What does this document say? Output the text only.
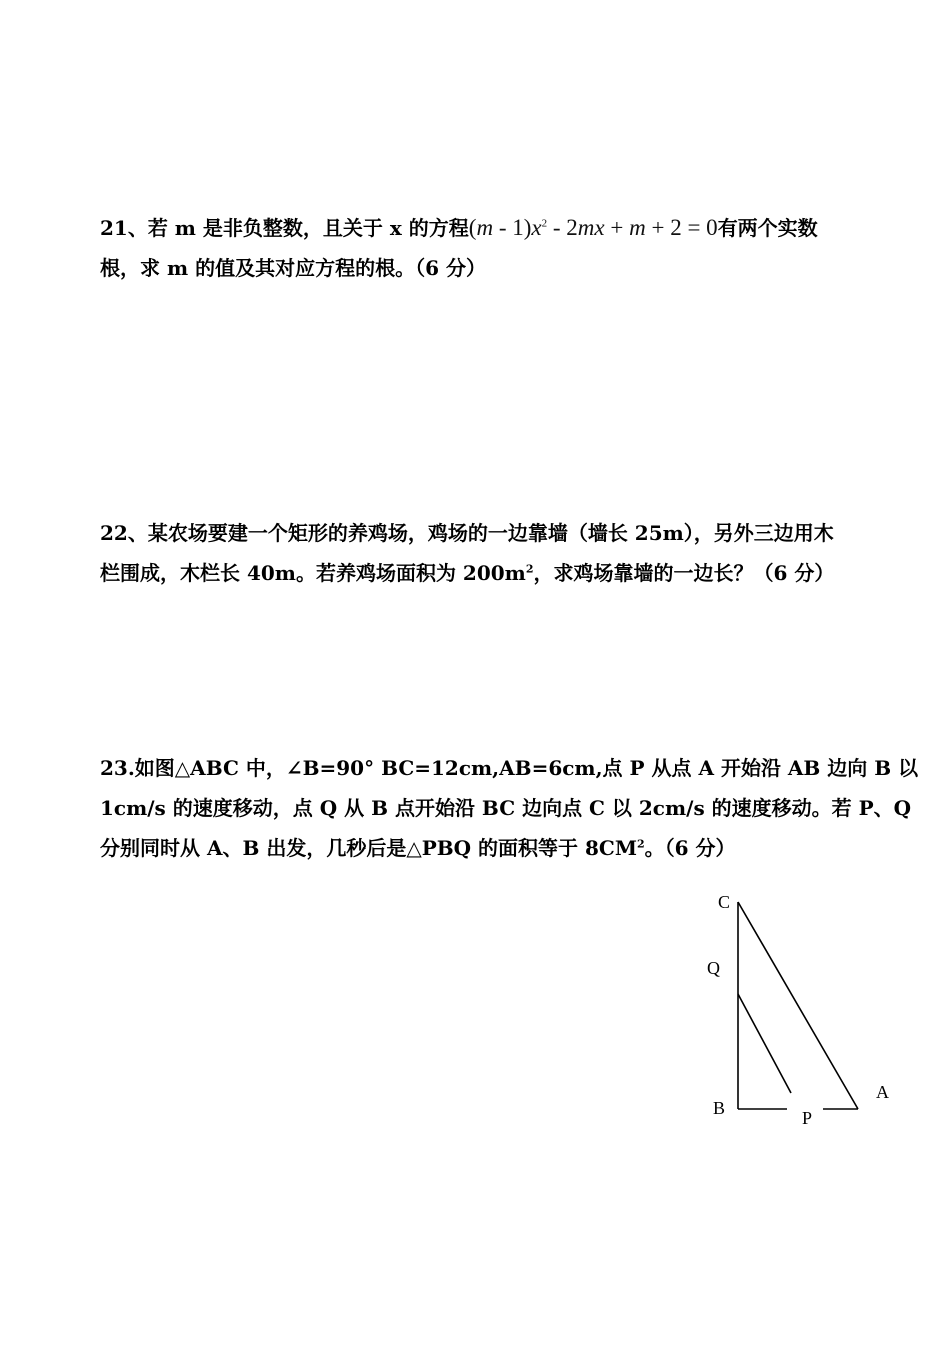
21、若 m 是非负整数，且关于 x 的方程$(m - 1)x^2 - 2mx + m + 2 = 0$有两个实数
根，求 m 的值及其对应方程的根。（6 分）
22、某农场要建一个矩形的养鸡场，鸡场的一边靠墙（墙长 25m），另外三边用木
栏围成，木栏长 40m。若养鸡场面积为 $200m^2$，求鸡场靠墙的一边长？（6 分）
23.如图△ABC 中，∠B=90° BC=12cm,AB=6cm,点 P 从点 A 开始沿 AB 边向 B 以
1cm/s 的速度移动，点 Q 从 B 点开始沿 BC 边向点 C 以 2cm/s 的速度移动。若 P、Q
分别同时从 A、B 出发，几秒后是△PBQ 的面积等于 $8CM^2$。（6 分）
C
Q
B	P
A
